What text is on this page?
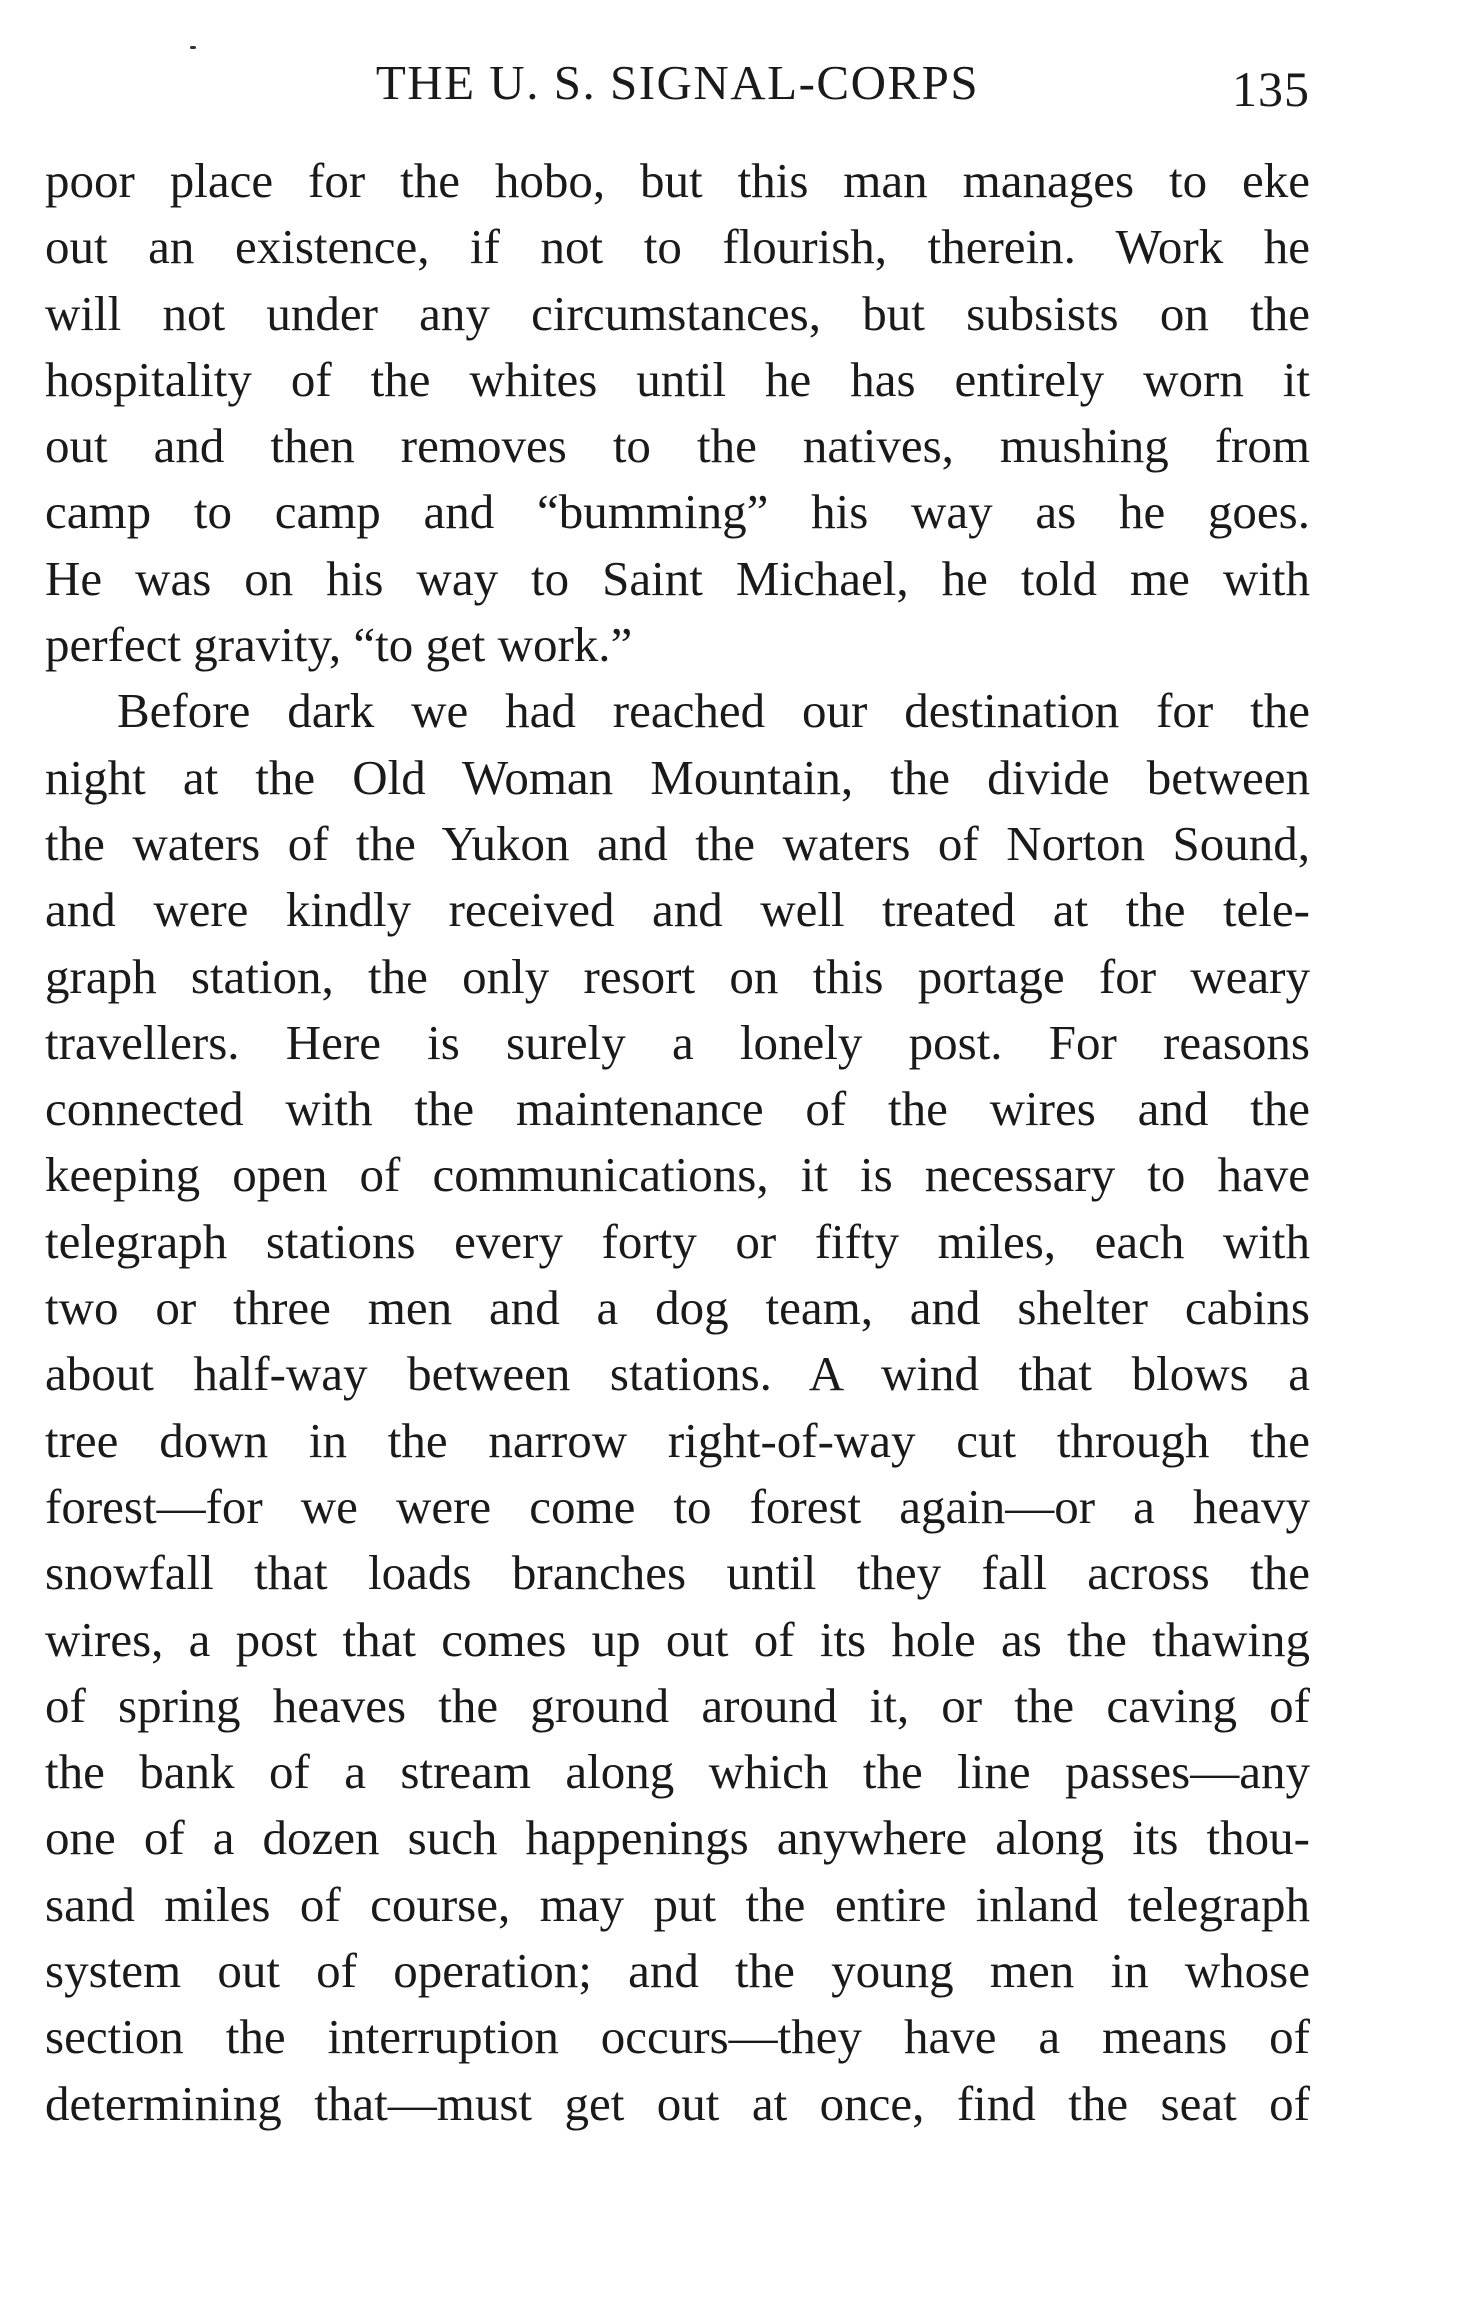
THE U. S. SIGNAL-CORPS	135
poor place for the hobo, but this man manages to eke
out an existence, if not to flourish, therein. Work he
will not under any circumstances, but subsists on the
hospitality of the whites until he has entirely worn it
out and then removes to the natives, mushing from
camp to camp and “bumming” his way as he goes.
He was on his way to Saint Michael, he told me with
perfect gravity, “to get work.”
Before dark we had reached our destination for the
night at the Old Woman Mountain, the divide between
the waters of the Yukon and the waters of Norton Sound,
and were kindly received and well treated at the tele-
graph station, the only resort on this portage for weary
travellers. Here is surely a lonely post. For reasons
connected with the maintenance of the wires and the
keeping open of communications, it is necessary to have
telegraph stations every forty or fifty miles, each with
two or three men and a dog team, and shelter cabins
about half-way between stations. A wind that blows a
tree down in the narrow right-of-way cut through the
forest—for we were come to forest again—or a heavy
snowfall that loads branches until they fall across the
wires, a post that comes up out of its hole as the thawing
of spring heaves the ground around it, or the caving of
the bank of a stream along which the line passes—any
one of a dozen such happenings anywhere along its thou-
sand miles of course, may put the entire inland telegraph
system out of operation; and the young men in whose
section the interruption occurs—they have a means of
determining that—must get out at once, find the seat of
